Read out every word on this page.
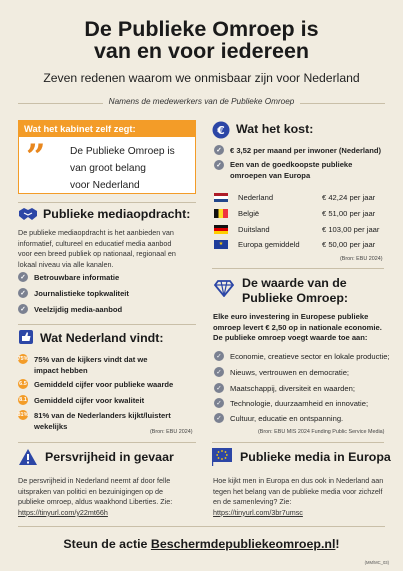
De Publieke Omroep is
van en voor iedereen
Zeven redenen waarom we onmisbaar zijn voor Nederland
Namens de medewerkers van de Publieke Omroep
Wat het kabinet zelf zegt:
” De Publieke Omroep is
van groot belang
voor Nederland
Publieke mediaopdracht:
De publieke mediaopdracht is het aanbieden van
informatief, cultureel en educatief media aanbod
voor een breed publiek op nationaal, regionaal en
lokaal niveau via alle kanalen.
✓	Betrouwbare informatie
✓	Journalistieke topkwaliteit
✓	Veelzijdig media-aanbod
Wat Nederland vindt:
75% 75% van de kijkers vindt dat we
impact hebben
6.5 Gemiddeld cijfer voor publieke waarde
8.1 Gemiddeld cijfer voor kwaliteit
81% 81% van de Nederlanders kijkt/luistert
wekelijks
(Bron: EBU 2024)
Persvrijheid in gevaar
De persvrijheid in Nederland neemt af door felle
uitspraken van politici en bezuinigingen op de
publieke omroep, aldus waakhond Liberties. Zie:
https://tinyurl.com/y22mt66h
€ Wat het kost:
✓	€ 3,52 per maand per inwoner (Nederland)
✓	Een van de goedkoopste publieke
omroepen van Europa
Nederland	€ 42,24 per jaar
België	€ 51,00 per jaar
Duitsland	€ 103,00 per jaar
★	Europa gemiddeld	€ 50,00 per jaar
(Bron: EBU 2024)
De waarde van de
Publieke Omroep:
Elke euro investering in Europese publieke
omroep levert € 2,50 op in nationale economie.
De publieke omroep voegt waarde toe aan:
✓	Economie, creatieve sector en lokale productie;
✓	Nieuws, vertrouwen en democratie;
✓	Maatschappij, diversiteit en waarden;
✓	Technologie, duurzaamheid en innovatie;
✓	Cultuur, educatie en ontspanning.
(Bron: EBU MIS 2024 Funding Public Service Media)
Publieke media in Europa
Hoe kijkt men in Europa en dus ook in Nederland aan
tegen het belang van de publieke media voor zichzelf
en de samenleving? Zie:
https://tinyurl.com/3br7umsc
Steun de actie Beschermdepubliekeomroep.nl!
(MM/MC_03)
